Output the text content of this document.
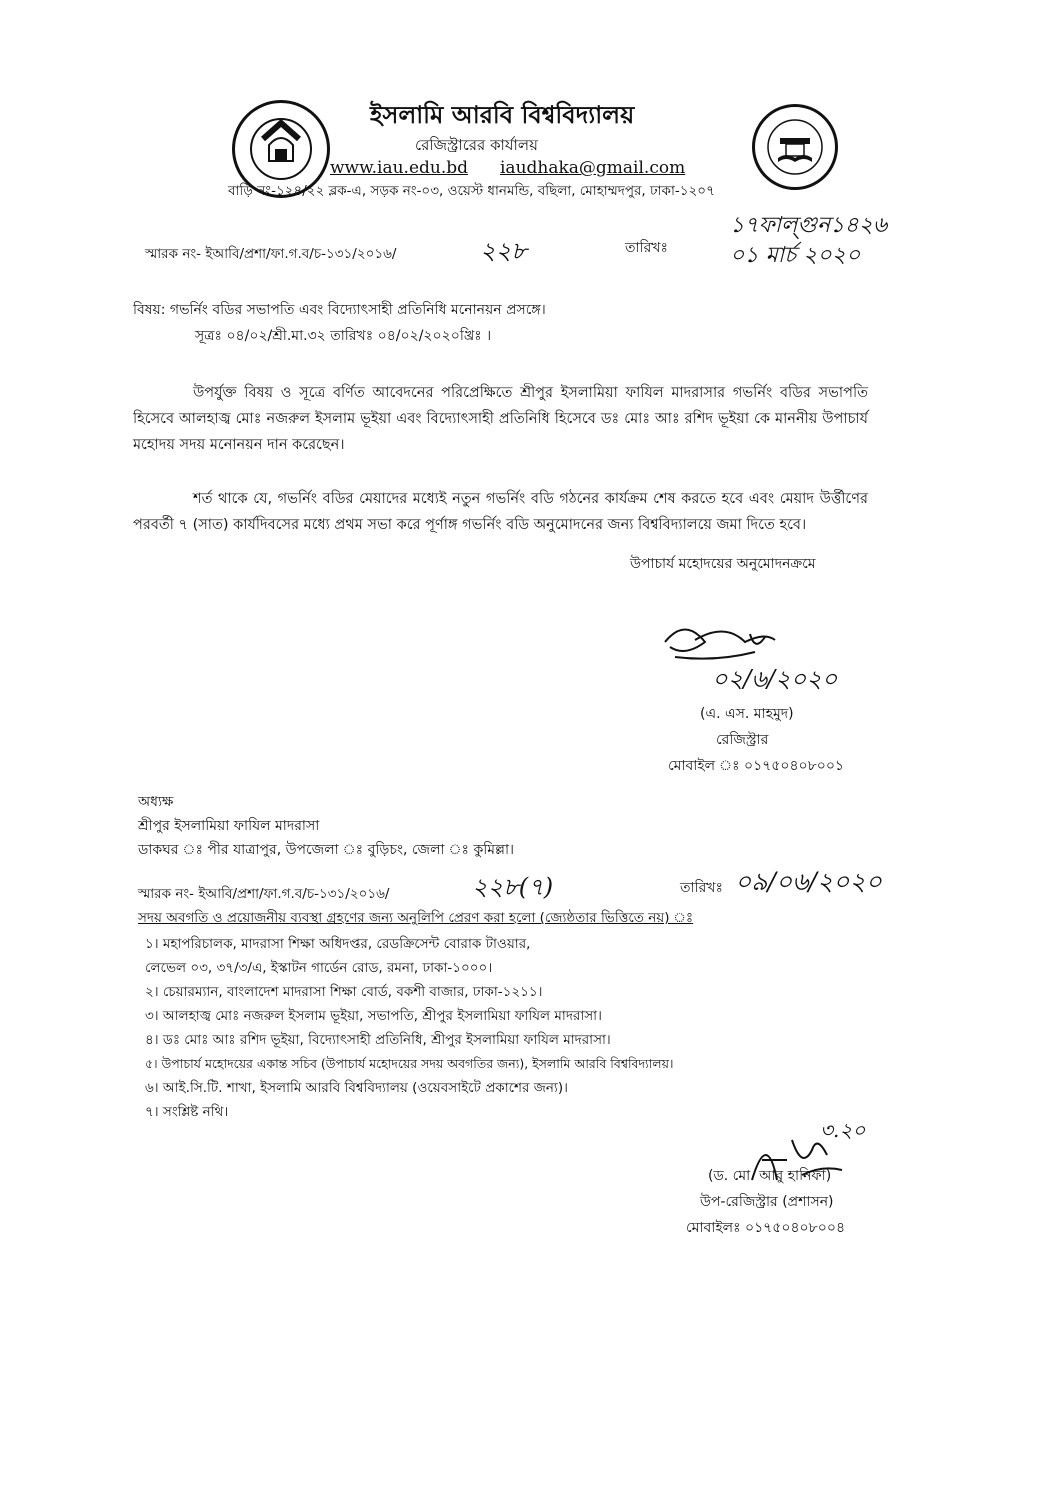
ইসলামি আরবি বিশ্ববিদ্যালয়
রেজিস্ট্রারের কার্যালয়
www.iau.edu.bd iaudhaka@gmail.com
বাড়ি নং-১২৪/২২ ব্লক-এ, সড়ক নং-০৩, ওয়েস্ট ধানমন্ডি, বছিলা, মোহাম্মদপুর, ঢাকা-১২০৭
স্মারক নং- ইআবি/প্রশা/ফা.গ.ব/চ-১৩১/২০১৬/	২২৮	তারিখঃ
১৭ফাল্গুন১৪২৬
০১ মার্চ ২০২০
বিষয়: গভর্নিং বডির সভাপতি এবং বিদ্যোৎসাহী প্রতিনিধি মনোনয়ন প্রসঙ্গে।
সূত্রঃ ০৪/০২/শ্রী.মা.৩২ তারিখঃ ০৪/০২/২০২০খ্রিঃ ।
উপর্যুক্ত বিষয় ও সূত্রে বর্ণিত আবেদনের পরিপ্রেক্ষিতে শ্রীপুর ইসলামিয়া ফাযিল মাদরাসার গভর্নিং বডির সভাপতি হিসেবে আলহাজ্ব মোঃ নজরুল ইসলাম ভূইয়া এবং বিদ্যোৎসাহী প্রতিনিধি হিসেবে ডঃ মোঃ আঃ রশিদ ভূইয়া কে মাননীয় উপাচার্য মহোদয় সদয় মনোনয়ন দান করেছেন।
শর্ত থাকে যে, গভর্নিং বডির মেয়াদের মধ্যেই নতুন গভর্নিং বডি গঠনের কার্যক্রম শেষ করতে হবে এবং মেয়াদ উর্ত্তীণের পরবর্তী ৭ (সাত) কার্যদিবসের মধ্যে প্রথম সভা করে পূর্ণাঙ্গ গভর্নিং বডি অনুমোদনের জন্য বিশ্ববিদ্যালয়ে জমা দিতে হবে।
উপাচার্য মহোদয়ের অনুমোদনক্রমে
০২/৬/২০২০
(এ. এস. মাহমুদ)
রেজিস্ট্রার
মোবাইল ঃ ০১৭৫০৪০৮০০১
অধ্যক্ষ
শ্রীপুর ইসলামিয়া ফাযিল মাদরাসা
ডাকঘর ঃ পীর যাত্রাপুর, উপজেলা ঃ বুড়িচং, জেলা ঃ কুমিল্লা।
স্মারক নং- ইআবি/প্রশা/ফা.গ.ব/চ-১৩১/২০১৬/	২২৮(৭)	তারিখঃ ০৯/০৬/২০২০
সদয় অবগতি ও প্রয়োজনীয় ব্যবস্থা গ্রহণের জন্য অনুলিপি প্রেরণ করা হলো (জ্যেষ্ঠতার ভিত্তিতে নয়) ঃ
১। মহাপরিচালক, মাদরাসা শিক্ষা অধিদপ্তর, রেডক্রিসেন্ট বোরাক টাওয়ার,
লেভেল ০৩, ৩৭/৩/এ, ইস্কাটন গার্ডেন রোড, রমনা, ঢাকা-১০০০।
২। চেয়ারম্যান, বাংলাদেশ মাদরাসা শিক্ষা বোর্ড, বকশী বাজার, ঢাকা-১২১১।
৩। আলহাজ্ব মোঃ নজরুল ইসলাম ভূইয়া, সভাপতি, শ্রীপুর ইসলামিয়া ফাযিল মাদরাসা।
৪। ডঃ মোঃ আঃ রশিদ ভূইয়া, বিদ্যোৎসাহী প্রতিনিধি, শ্রীপুর ইসলামিয়া ফাযিল মাদরাসা।
৫। উপাচার্য মহোদয়ের একান্ত সচিব (উপাচার্য মহোদয়ের সদয় অবগতির জন্য), ইসলামি আরবি বিশ্ববিদ্যালয়।
৬। আই.সি.টি. শাখা, ইসলামি আরবি বিশ্ববিদ্যালয় (ওয়েবসাইটে প্রকাশের জন্য)।
৭। সংশ্লিষ্ট নথি।
৩.২০
(ড. মো. আবু হানিফা)
উপ-রেজিস্ট্রার (প্রশাসন)
মোবাইলঃ ০১৭৫০৪০৮০০৪
